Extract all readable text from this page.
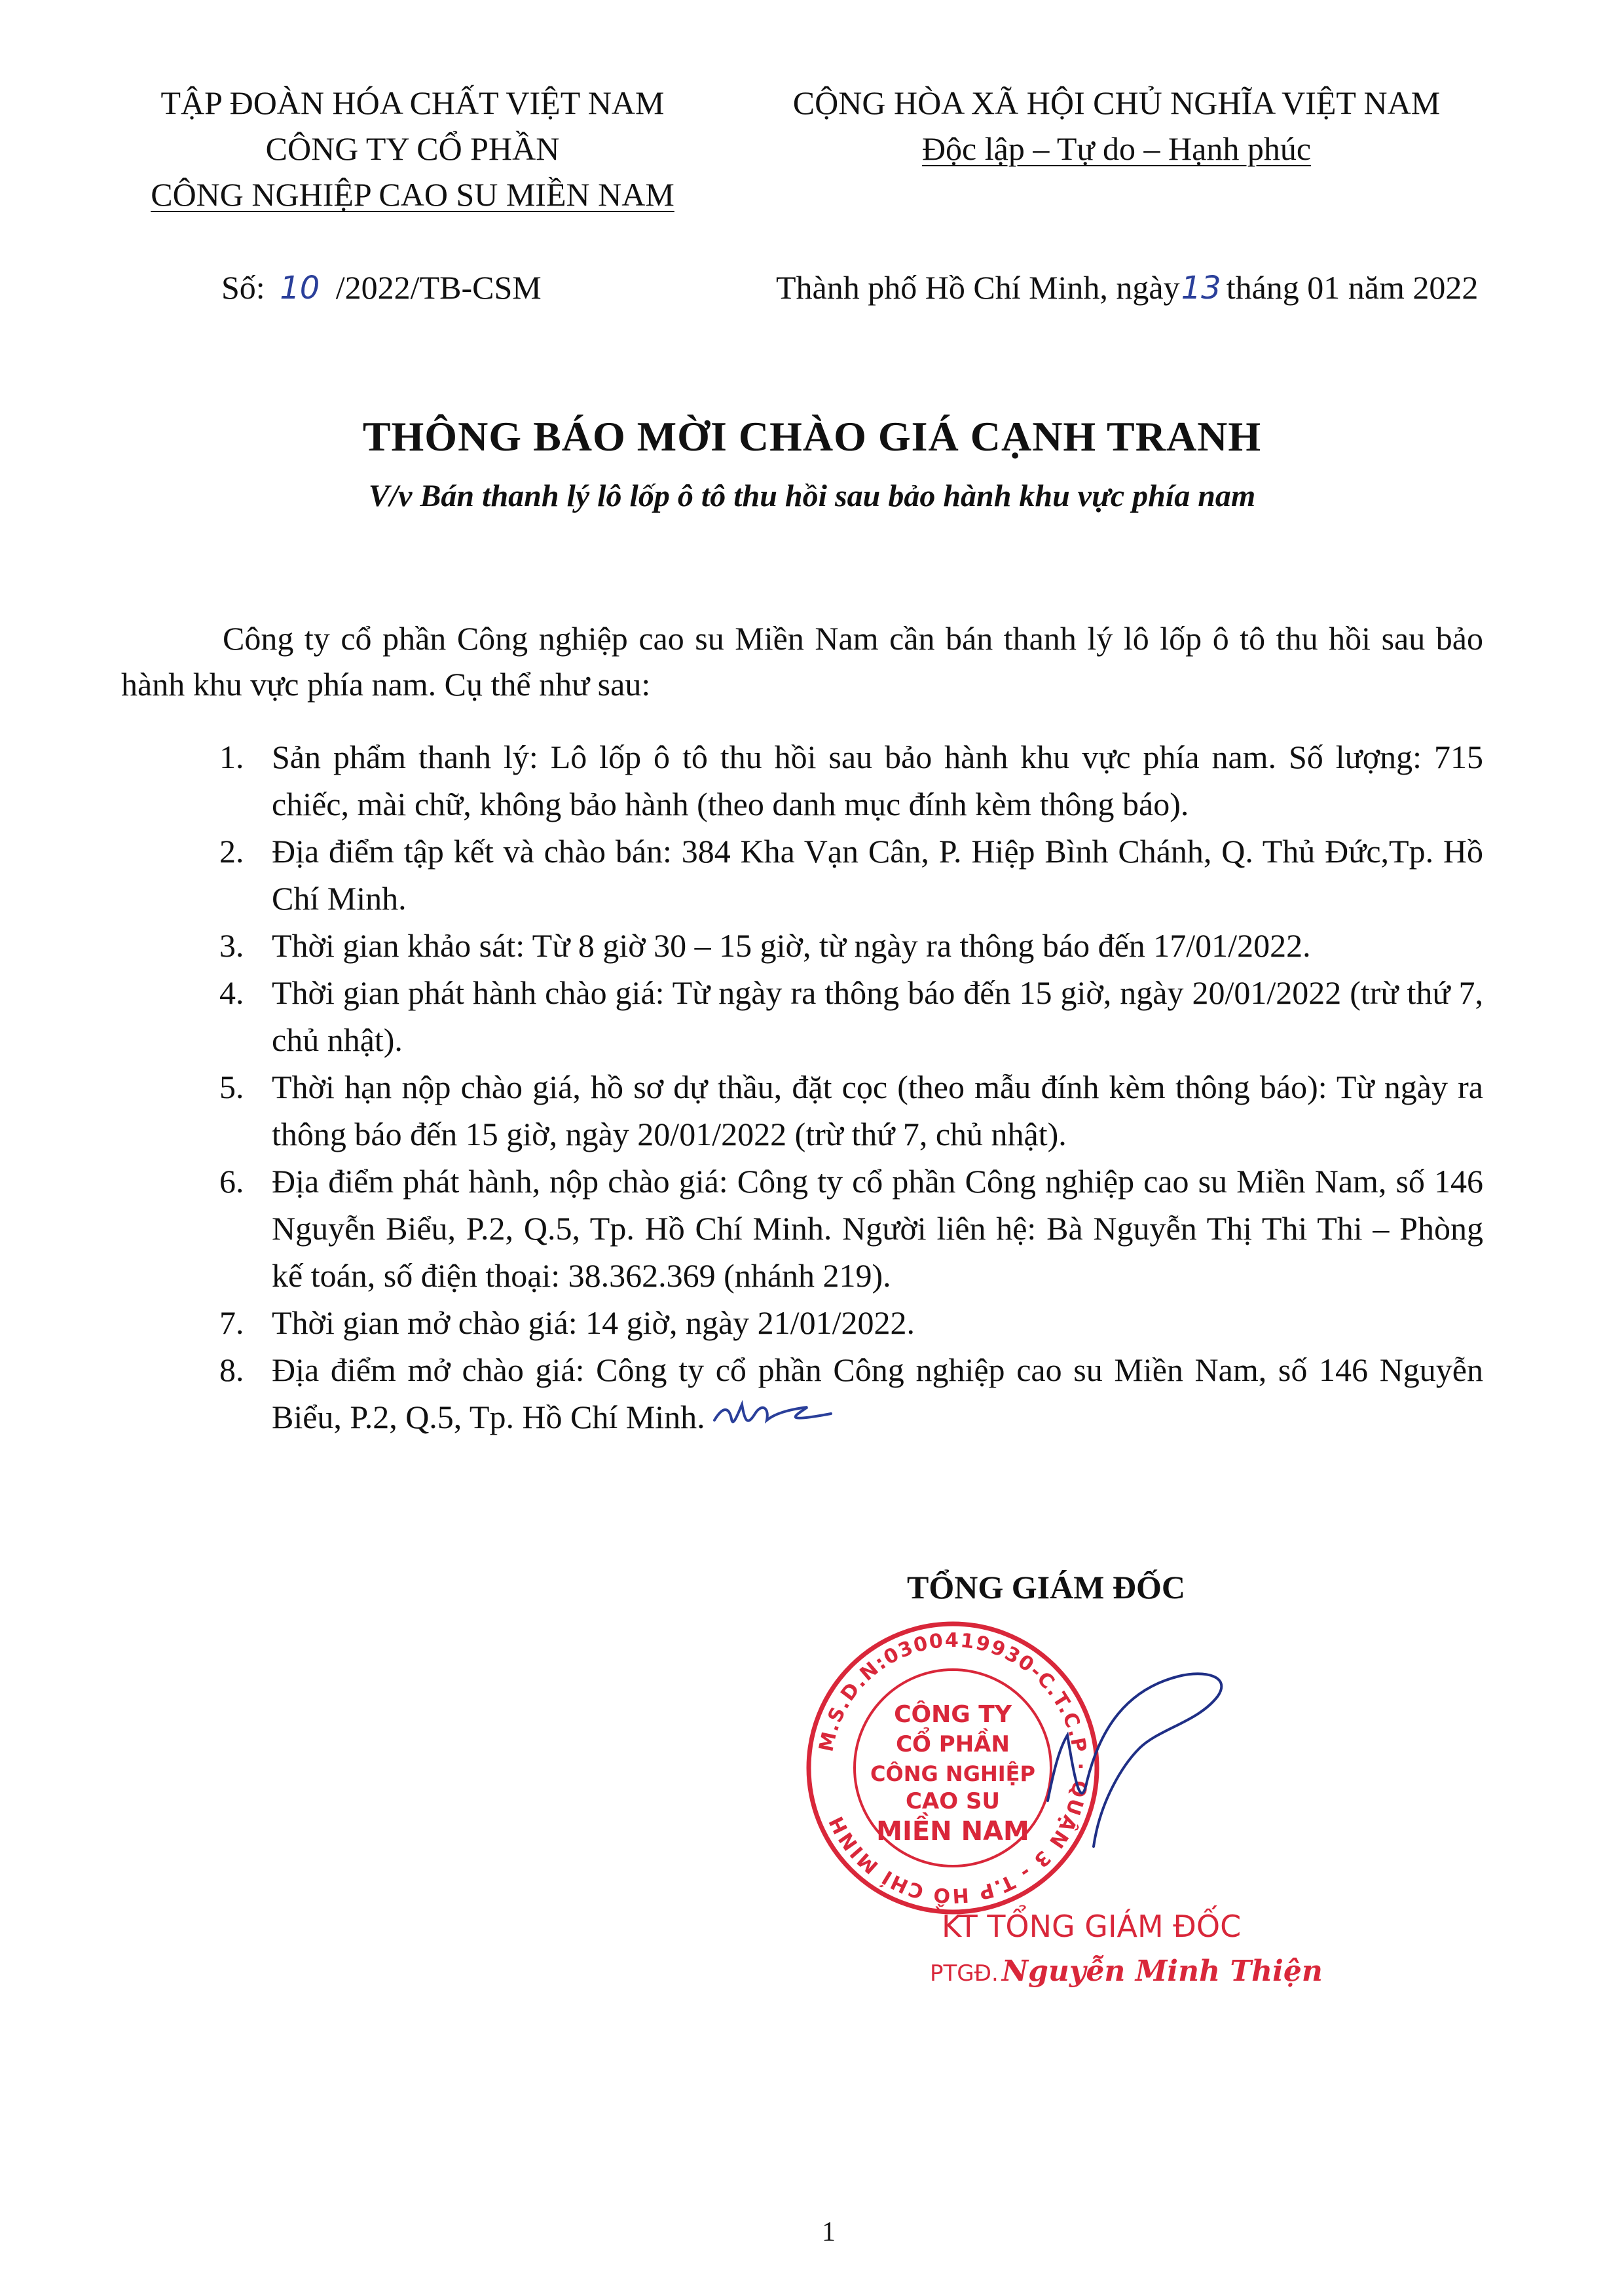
TẬP ĐOÀN HÓA CHẤT VIỆT NAM
CÔNG TY CỔ PHẦN
CÔNG NGHIỆP CAO SU MIỀN NAM
CỘNG HÒA XÃ HỘI CHỦ NGHĨA VIỆT NAM
Độc lập – Tự do – Hạnh phúc
Số: 10 /2022/TB-CSM	Thành phố Hồ Chí Minh, ngày13 tháng 01 năm 2022
THÔNG BÁO MỜI CHÀO GIÁ CẠNH TRANH
V/v Bán thanh lý lô lốp ô tô thu hồi sau bảo hành khu vực phía nam
Công ty cổ phần Công nghiệp cao su Miền Nam cần bán thanh lý lô lốp ô tô thu hồi sau bảo hành khu vực phía nam. Cụ thể như sau:
1. Sản phẩm thanh lý: Lô lốp ô tô thu hồi sau bảo hành khu vực phía nam. Số lượng: 715 chiếc, mài chữ, không bảo hành (theo danh mục đính kèm thông báo).
2. Địa điểm tập kết và chào bán: 384 Kha Vạn Cân, P. Hiệp Bình Chánh, Q. Thủ Đức,Tp. Hồ Chí Minh.
3. Thời gian khảo sát: Từ 8 giờ 30 – 15 giờ, từ ngày ra thông báo đến 17/01/2022.
4. Thời gian phát hành chào giá: Từ ngày ra thông báo đến 15 giờ, ngày 20/01/2022 (trừ thứ 7, chủ nhật).
5. Thời hạn nộp chào giá, hồ sơ dự thầu, đặt cọc (theo mẫu đính kèm thông báo): Từ ngày ra thông báo đến 15 giờ, ngày 20/01/2022 (trừ thứ 7, chủ nhật).
6. Địa điểm phát hành, nộp chào giá: Công ty cổ phần Công nghiệp cao su Miền Nam, số 146 Nguyễn Biểu, P.2, Q.5, Tp. Hồ Chí Minh. Người liên hệ: Bà Nguyễn Thị Thi Thi – Phòng kế toán, số điện thoại: 38.362.369 (nhánh 219).
7. Thời gian mở chào giá: 14 giờ, ngày 21/01/2022.
8. Địa điểm mở chào giá: Công ty cổ phần Công nghiệp cao su Miền Nam, số 146 Nguyễn Biểu, P.2, Q.5, Tp. Hồ Chí Minh.
TỔNG GIÁM ĐỐC
M.S.D.N:0300419930-C.T.C.P · QUẬN 3 - T.P HỒ CHÍ MINH
CÔNG TY
CỔ PHẦN
CÔNG NGHIỆP
CAO SU
MIỀN NAM
KT TỔNG GIÁM ĐỐC
PTGĐ. Nguyễn Minh Thiện
1
